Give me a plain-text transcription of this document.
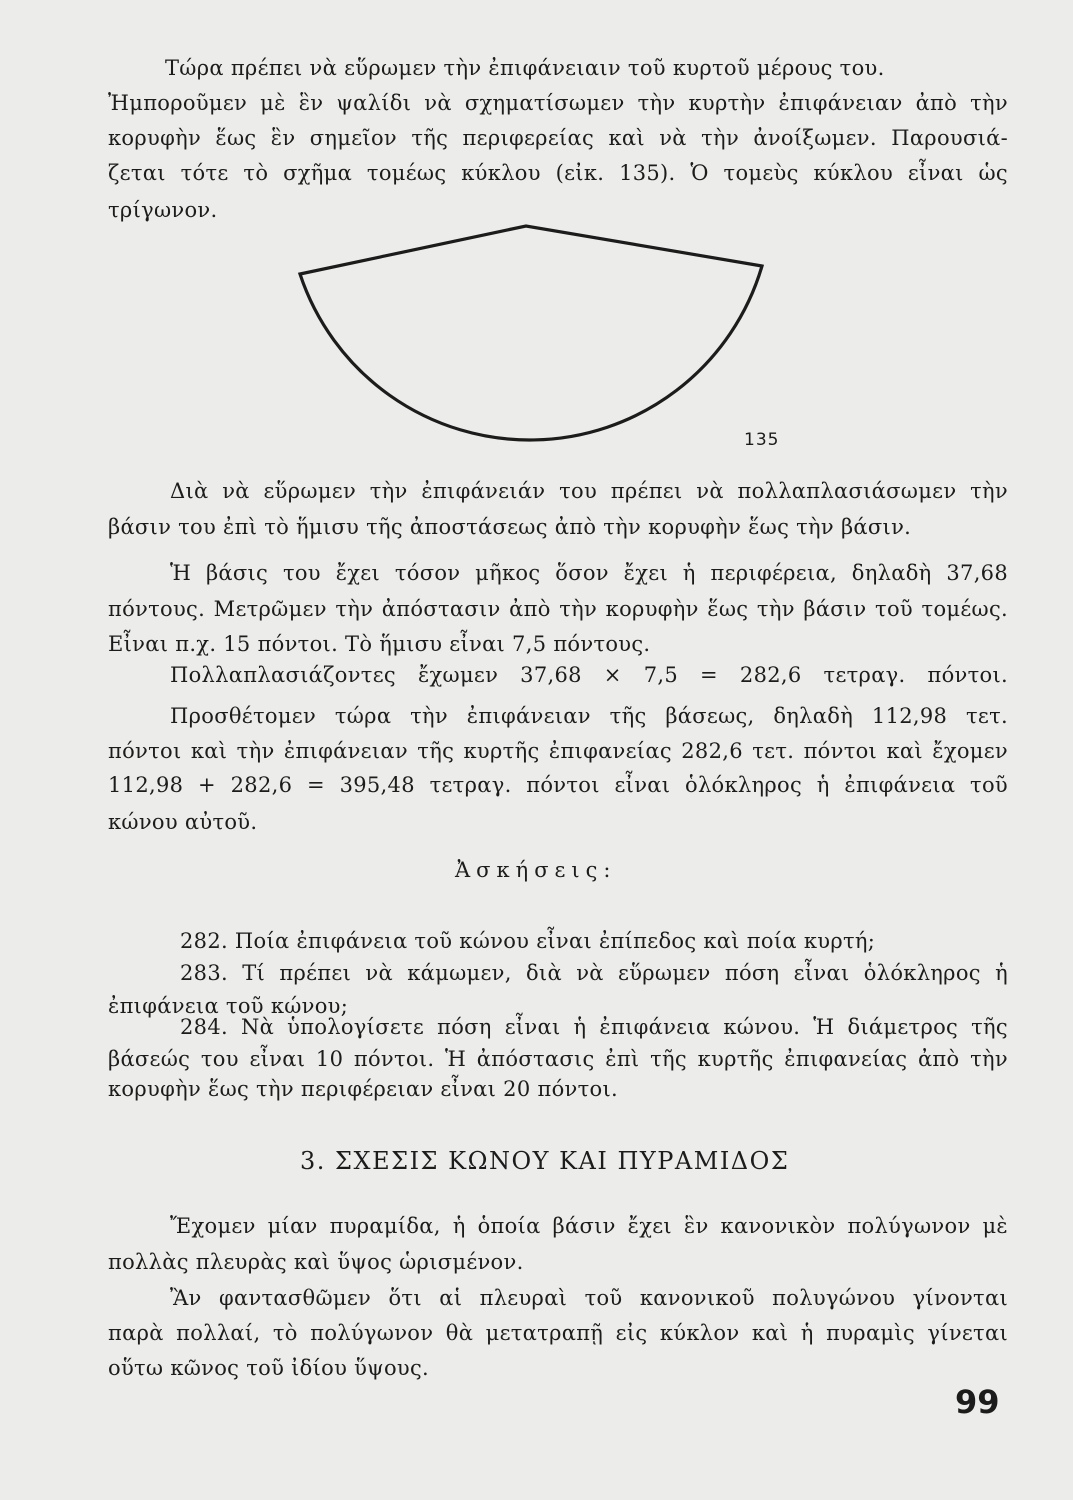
Τώρα πρέπει νὰ εὕρωμεν τὴν ἐπιφάνειαιν τοῦ κυρτοῦ μέρους του.
Ἠμποροῦμεν μὲ ἓν ψαλίδι νὰ σχηματίσωμεν τὴν κυρτὴν ἐπιφάνειαν ἀπὸ τὴν
κορυφὴν ἕως ἓν σημεῖον τῆς περιφερείας καὶ νὰ τὴν ἀνοίξωμεν. Παρουσιά-
ζεται τότε τὸ σχῆμα τομέως κύκλου (εἰκ. 135). Ὁ τομεὺς κύκλου εἶναι ὡς
τρίγωνον.
135
Διὰ νὰ εὕρωμεν τὴν ἐπιφάνειάν του πρέπει νὰ πολλαπλασιάσωμεν τὴν
βάσιν του ἐπὶ τὸ ἥμισυ τῆς ἀποστάσεως ἀπὸ τὴν κορυφὴν ἕως τὴν βάσιν.
Ἡ βάσις του ἔχει τόσον μῆκος ὅσον ἔχει ἡ περιφέρεια, δηλαδὴ 37,68
πόντους. Μετρῶμεν τὴν ἀπόστασιν ἀπὸ τὴν κορυφὴν ἕως τὴν βάσιν τοῦ τομέως.
Εἶναι π.χ. 15 πόντοι. Τὸ ἥμισυ εἶναι 7,5 πόντους.
Πολλαπλασιάζοντες ἔχωμεν 37,68 × 7,5 = 282,6 τετραγ. πόντοι.
Προσθέτομεν τώρα τὴν ἐπιφάνειαν τῆς βάσεως, δηλαδὴ 112,98 τετ.
πόντοι καὶ τὴν ἐπιφάνειαν τῆς κυρτῆς ἐπιφανείας 282,6 τετ. πόντοι καὶ ἔχομεν
112,98 + 282,6 = 395,48 τετραγ. πόντοι εἶναι ὁλόκληρος ἡ ἐπιφάνεια τοῦ
κώνου αὐτοῦ.
Ἀσκήσεις:
282. Ποία ἐπιφάνεια τοῦ κώνου εἶναι ἐπίπεδος καὶ ποία κυρτή;
283. Τί πρέπει νὰ κάμωμεν, διὰ νὰ εὕρωμεν πόση εἶναι ὁλόκληρος ἡ
ἐπιφάνεια τοῦ κώνου;
284. Νὰ ὑπολογίσετε πόση εἶναι ἡ ἐπιφάνεια κώνου. Ἡ διάμετρος τῆς
βάσεώς του εἶναι 10 πόντοι. Ἡ ἀπόστασις ἐπὶ τῆς κυρτῆς ἐπιφανείας ἀπὸ τὴν
κορυφὴν ἕως τὴν περιφέρειαν εἶναι 20 πόντοι.
3. ΣΧΕΣΙΣ ΚΩΝΟΥ ΚΑΙ ΠΥΡΑΜΙΔΟΣ
Ἔχομεν μίαν πυραμίδα, ἡ ὁποία βάσιν ἔχει ἓν κανονικὸν πολύγωνον μὲ
πολλὰς πλευρὰς καὶ ὕψος ὡρισμένον.
Ἂν φαντασθῶμεν ὅτι αἱ πλευραὶ τοῦ κανονικοῦ πολυγώνου γίνονται
παρὰ πολλαί, τὸ πολύγωνον θὰ μετατραπῇ εἰς κύκλον καὶ ἡ πυραμὶς γίνεται
οὕτω κῶνος τοῦ ἰδίου ὕψους.
99
